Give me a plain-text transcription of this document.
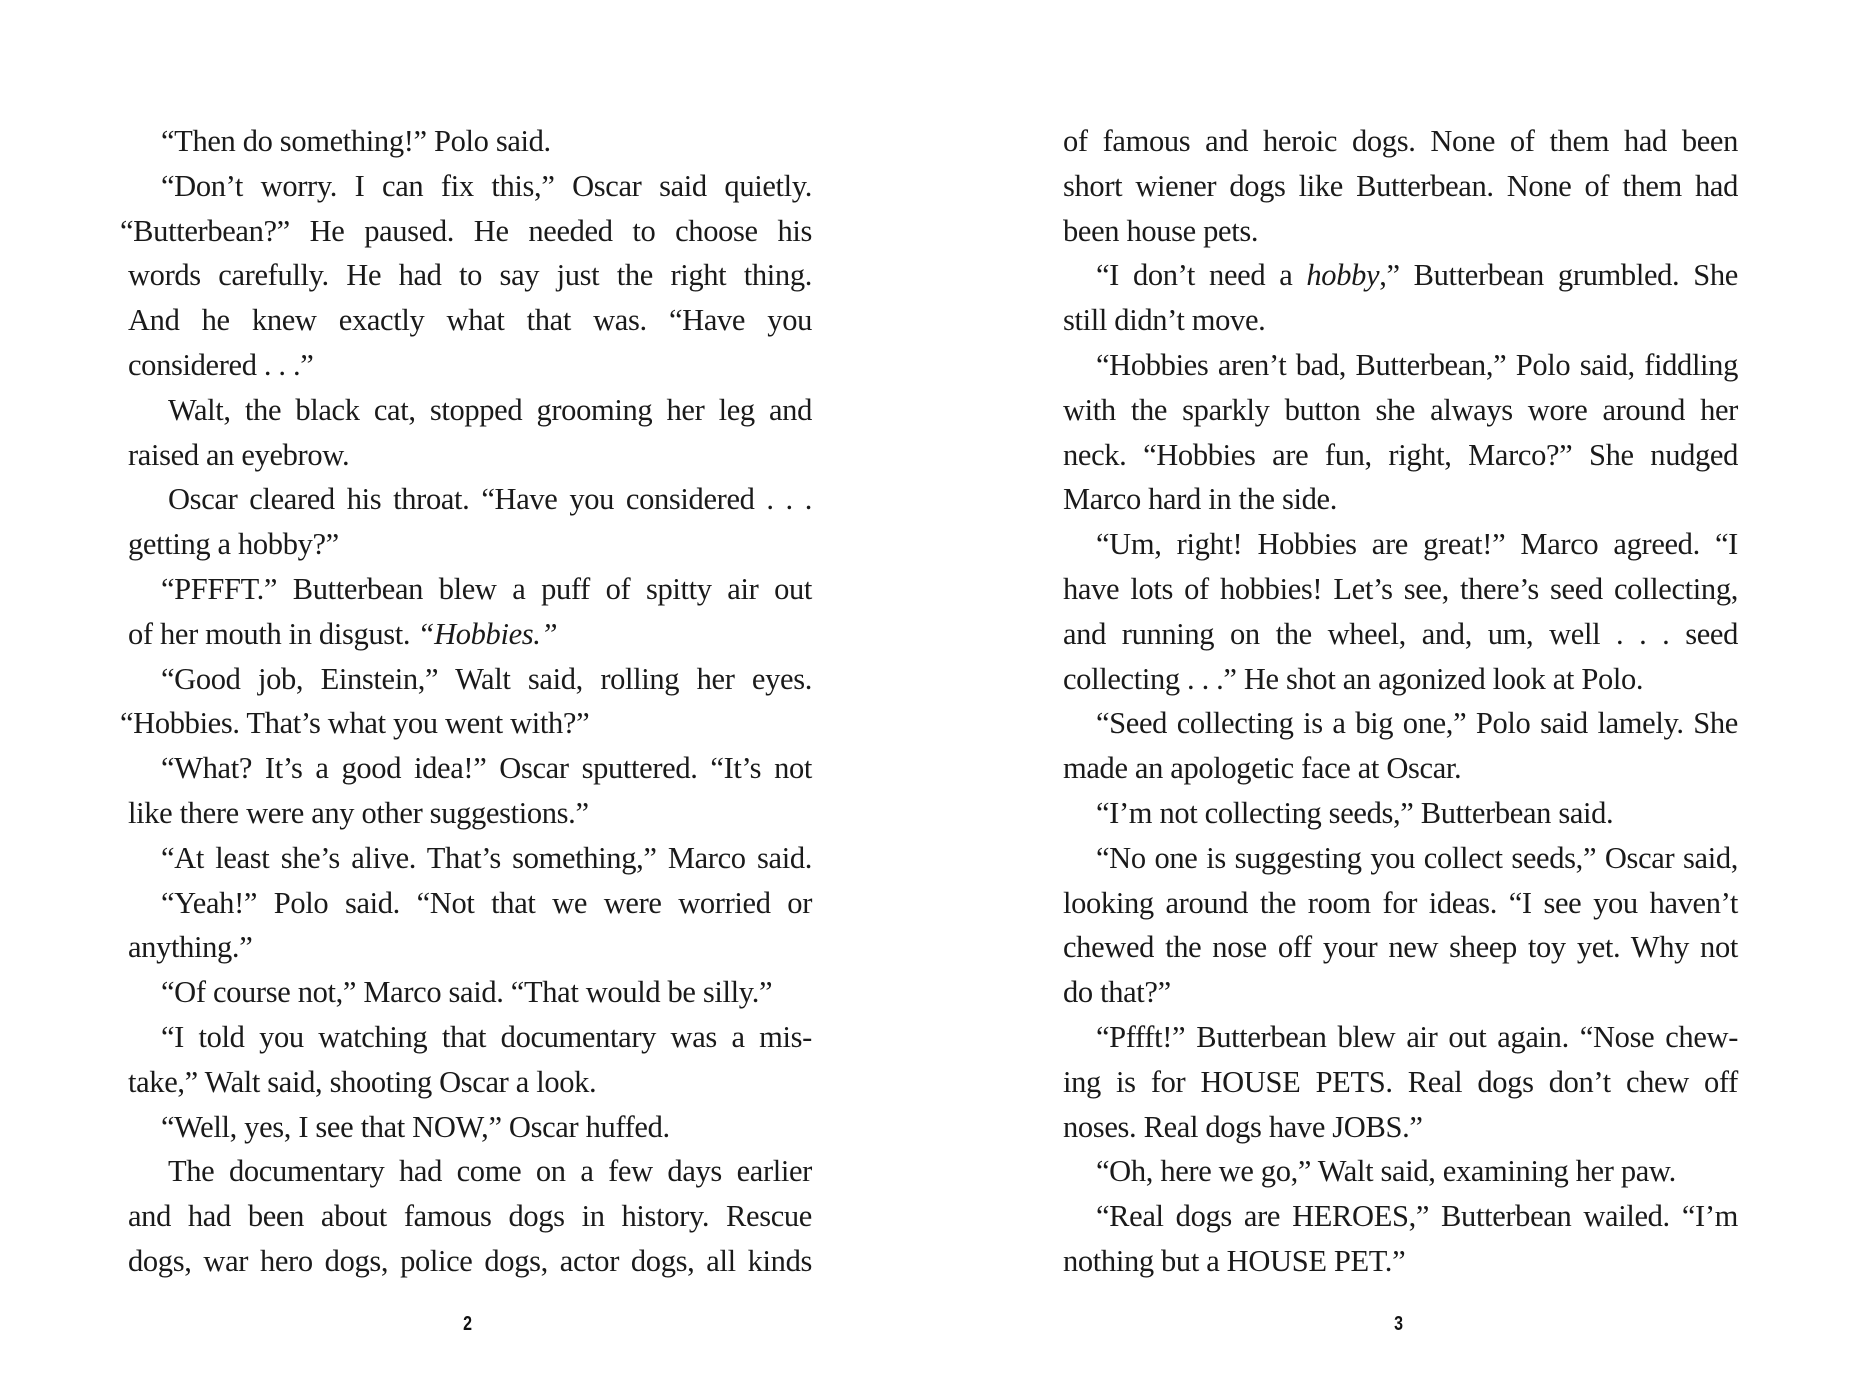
“Then do something!” Polo said.
“Don’t worry. I can fix this,” Oscar said quietly.
“Butterbean?” He paused. He needed to choose his
words carefully. He had to say just the right thing.
And he knew exactly what that was. “Have you
considered . . .”
Walt, the black cat, stopped grooming her leg and
raised an eyebrow.
Oscar cleared his throat. “Have you considered . . .
getting a hobby?”
“PFFFT.” Butterbean blew a puff of spitty air out
of her mouth in disgust. “Hobbies.”
“Good job, Einstein,” Walt said, rolling her eyes.
“Hobbies. That’s what you went with?”
“What? It’s a good idea!” Oscar sputtered. “It’s not
like there were any other suggestions.”
“At least she’s alive. That’s something,” Marco said.
“Yeah!” Polo said. “Not that we were worried or
anything.”
“Of course not,” Marco said. “That would be silly.”
“I told you watching that documentary was a mis-
take,” Walt said, shooting Oscar a look.
“Well, yes, I see that NOW,” Oscar huffed.
The documentary had come on a few days earlier
and had been about famous dogs in history. Rescue
dogs, war hero dogs, police dogs, actor dogs, all kinds
2
of famous and heroic dogs. None of them had been
short wiener dogs like Butterbean. None of them had
been house pets.
“I don’t need a hobby,” Butterbean grumbled. She
still didn’t move.
“Hobbies aren’t bad, Butterbean,” Polo said, fiddling
with the sparkly button she always wore around her
neck. “Hobbies are fun, right, Marco?” She nudged
Marco hard in the side.
“Um, right! Hobbies are great!” Marco agreed. “I
have lots of hobbies! Let’s see, there’s seed collecting,
and running on the wheel, and, um, well . . . seed
collecting . . .” He shot an agonized look at Polo.
“Seed collecting is a big one,” Polo said lamely. She
made an apologetic face at Oscar.
“I’m not collecting seeds,” Butterbean said.
“No one is suggesting you collect seeds,” Oscar said,
looking around the room for ideas. “I see you haven’t
chewed the nose off your new sheep toy yet. Why not
do that?”
“Pffft!” Butterbean blew air out again. “Nose chew-
ing is for HOUSE PETS. Real dogs don’t chew off
noses. Real dogs have JOBS.”
“Oh, here we go,” Walt said, examining her paw.
“Real dogs are HEROES,” Butterbean wailed. “I’m
nothing but a HOUSE PET.”
3
